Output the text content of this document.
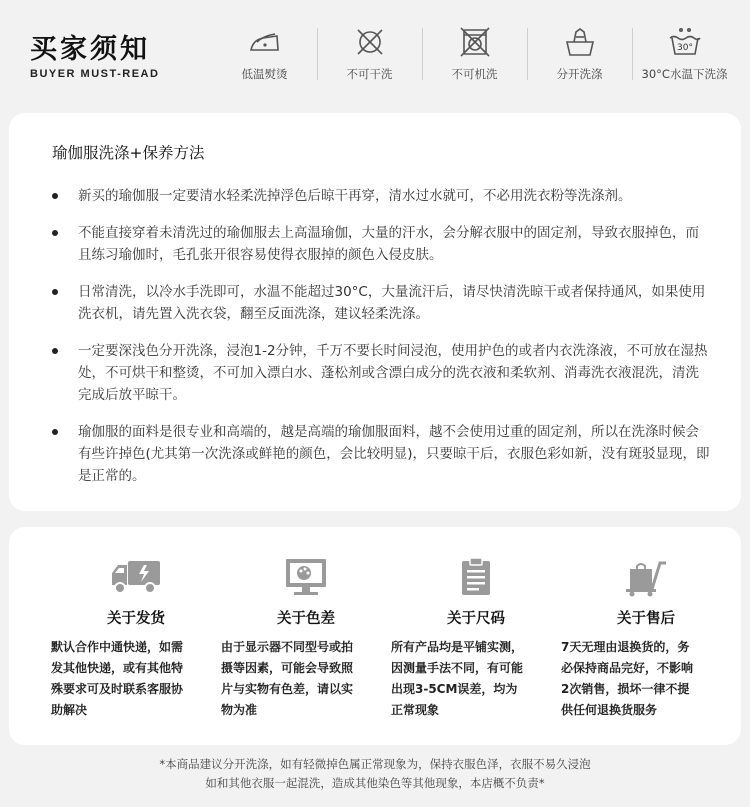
买家须知
BUYER MUST-READ	低温熨烫	不可干洗	不可机洗	分开洗涤
30°
30°C水温下洗涤
瑜伽服洗涤+保养方法
新买的瑜伽服一定要清水轻柔洗掉浮色后晾干再穿，清水过水就可，不必用洗衣粉等洗涤剂。
不能直接穿着未清洗过的瑜伽服去上高温瑜伽，大量的汗水，会分解衣服中的固定剂，导致衣服掉色，而且练习瑜伽时，毛孔张开很容易使得衣服掉的颜色入侵皮肤。
日常清洗，以冷水手洗即可，水温不能超过30°C，大量流汗后，请尽快清洗晾干或者保持通风，如果使用洗衣机，请先置入洗衣袋，翻至反面洗涤，建议轻柔洗涤。
一定要深浅色分开洗涤，浸泡1-2分钟，千万不要长时间浸泡，使用护色的或者内衣洗涤液，不可放在湿热处，不可烘干和整烫，不可加入漂白水、蓬松剂或含漂白成分的洗衣液和柔软剂、消毒洗衣液混洗，清洗完成后放平晾干。
瑜伽服的面料是很专业和高端的，越是高端的瑜伽服面料，越不会使用过重的固定剂，所以在洗涤时候会有些许掉色(尤其第一次洗涤或鲜艳的颜色，会比较明显)，只要晾干后，衣服色彩如新，没有斑驳显现，即是正常的。
关于发货
默认合作中通快递，如需发其他快递，或有其他特殊要求可及时联系客服协助解决
关于色差
由于显示器不同型号或拍摄等因素，可能会导致照片与实物有色差，请以实物为准
关于尺码
所有产品均是平铺实测，因测量手法不同，有可能出现3-5CM误差，均为正常现象
关于售后
7天无理由退换货的，务必保持商品完好，不影响2次销售，损坏一律不提供任何退换货服务
*本商品建议分开洗涤，如有轻微掉色属正常现象为，保持衣服色泽，衣服不易久浸泡
如和其他衣服一起混洗，造成其他染色等其他现象，本店概不负责*
